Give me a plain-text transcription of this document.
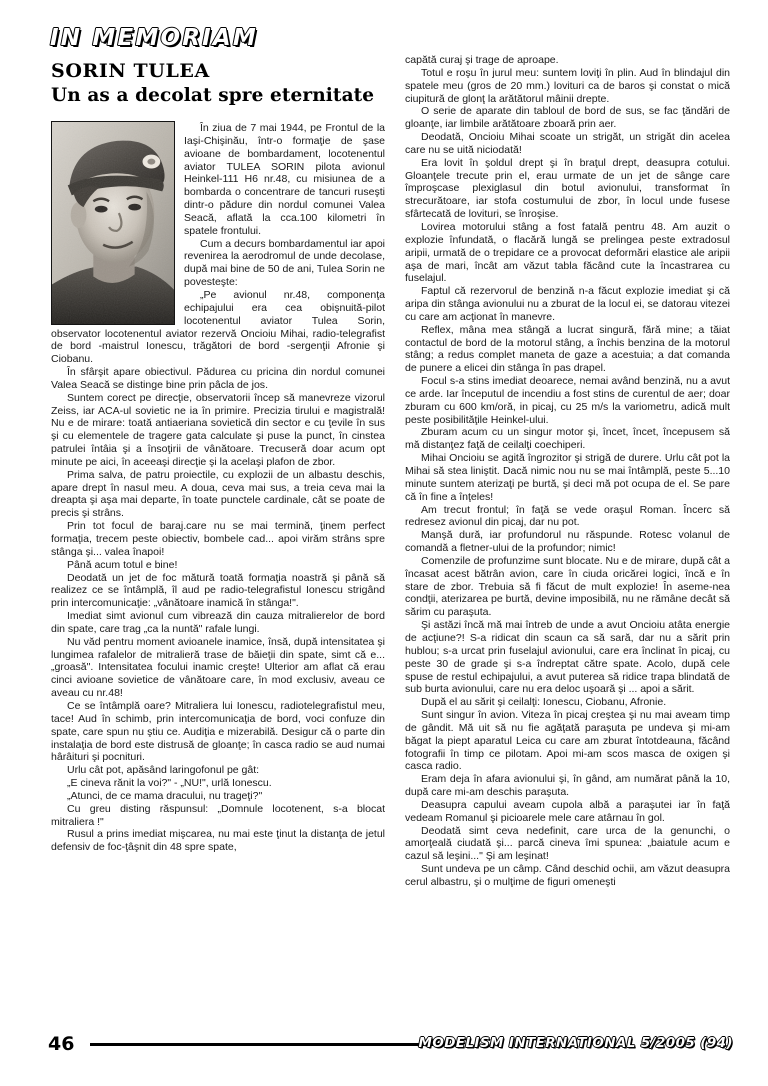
IN MEMORIAM
SORIN TULEA
Un as a decolat spre eternitate

În ziua de 7 mai 1944, pe Frontul de la Iaşi-Chişinău, într-o formaţie de şase avioane de bombardament, locotenentul aviator TULEA SORIN pilota avionul Heinkel-111 H6 nr.48, cu misiunea de a bombarda o concentrare de tancuri ruseşti dintr-o pădure din nordul comunei Valea Seacă, aflată la cca.100 kilometri în spatele frontului.

Cum a decurs bombardamentul iar apoi revenirea la aerodromul de unde decolase, după mai bine de 50 de ani, Tulea Sorin ne povesteşte:

„Pe avionul nr.48, componenţa echipajului era cea obişnuită-pilot locotenentul aviator Tulea Sorin, observator locotenentul aviator rezervă Oncioiu Mihai, radio-telegrafist de bord -maistrul Ionescu, trăgători de bord -sergenţii Afronie şi Ciobanu.

În sfârşit apare obiectivul. Pădurea cu pricina din nordul comunei Valea Seacă se distinge bine prin pâcla de jos.

Suntem corect pe direcţie, observatorii încep să manevreze vizorul Zeiss, iar ACA-ul sovietic ne ia în primire. Precizia tirului e magistrală! Nu e de mirare: toată antiaeriana sovietică din sector e cu ţevile în sus şi cu elementele de tragere gata calculate şi puse la punct, în cinstea patrulei întâia şi a însoţirii de vânătoare. Trecuseră doar acum opt minute pe aici, în aceeaşi direcţie şi la acelaşi plafon de zbor.

Prima salva, de patru proiectile, cu explozii de un albastu deschis, apare drept în nasul meu. A doua, ceva mai sus, a treia ceva mai la dreapta şi aşa mai departe, în toate punctele cardinale, cât se poate de precis şi strâns.

Prin tot focul de baraj.care nu se mai termină, ţinem perfect formaţia, trecem peste obiectiv, bombele cad... apoi virăm strâns spre stânga şi... valea înapoi!

Până acum totul e bine!

Deodată un jet de foc mătură toată formaţia noastră şi până să realizez ce se întâmplă, îl aud pe radio-telegrafistul Ionescu strigând prin intercomunicaţie: „vânătoare inamică în stânga!".

Imediat simt avionul cum vibrează din cauza mitralierelor de bord din spate, care trag „ca la nuntă" rafale lungi.

Nu văd pentru moment avioanele inamice, însă, după intensitatea şi lungimea rafalelor de mitralieră trase de băieţii din spate, simt că e... „groasă". Intensitatea focului inamic creşte! Ulterior am aflat că erau cinci avioane sovietice de vânătoare care, în mod exclusiv, aveau ce aveau cu nr.48!

Ce se întâmplă oare? Mitraliera lui Ionescu, radiotelegrafistul meu, tace! Aud în schimb, prin intercomunicaţia de bord, voci confuze din spate, care spun nu ştiu ce. Audiţia e mizerabilă. Desigur că o parte din instalaţia de bord este distrusă de gloanţe; în casca radio se aud numai hârâituri şi pocnituri.

Urlu cât pot, apăsând laringofonul pe gât:

„E cineva rănit la voi?" - „NU!", urlă Ionescu.

„Atunci, de ce mama dracului, nu trageţi?"

Cu greu disting răspunsul: „Domnule locotenent, s-a blocat mitraliera !"

Rusul a prins imediat mişcarea, nu mai este ţinut la distanţa de jetul defensiv de foc-ţâşnit din 48 spre spate,

capătă curaj şi trage de aproape.

Totul e roşu în jurul meu: suntem loviţi în plin. Aud în blindajul din spatele meu (gros de 20 mm.) lovituri ca de baros şi constat o mică ciupitură de glonţ la arătătorul mâinii drepte.

O serie de aparate din tabloul de bord de sus, se fac ţăndări de gloanţe, iar limbile arătătoare zboară prin aer.

Deodată, Oncioiu Mihai scoate un strigăt, un strigăt din acelea care nu se uită niciodată!

Era lovit în şoldul drept şi în braţul drept, deasupra cotului. Gloanţele trecute prin el, erau urmate de un jet de sânge care împroşcase plexiglasul din botul avionului, transformat în strecurătoare, iar stofa costumului de zbor, în locul unde fusese sfârtecată de lovituri, se înroşise.

Lovirea motorului stâng a fost fatală pentru 48. Am auzit o explozie înfundată, o flacără lungă se prelingea peste extradosul aripii, urmată de o trepidare ce a provocat deformări elastice ale aripii aşa de mari, încât am văzut tabla făcând cute la încastrarea cu fuselajul.

Faptul că rezervorul de benzină n-a făcut explozie imediat şi că aripa din stânga avionului nu a zburat de la locul ei, se datorau vitezei cu care am acţionat în manevre.

Reflex, mâna mea stângă a lucrat singură, fără mine; a tăiat contactul de bord de la motorul stâng, a închis benzina de la motorul stâng; a redus complet maneta de gaze a acestuia; a dat comanda de punere a elicei din stânga în pas drapel.

Focul s-a stins imediat deoarece, nemai având benzină, nu a avut ce arde. Iar începutul de incendiu a fost stins de curentul de aer; doar zburam cu 600 km/oră, in picaj, cu 25 m/s la variometru, adică mult peste posibilităţile Heinkel-ului.

Zburam acum cu un singur motor şi, încet, încet, începusem să mă distanţez faţă de ceilalţi coechiperi.

Mihai Oncioiu se agită îngrozitor şi strigă de durere. Urlu cât pot la Mihai să stea liniştit. Dacă nimic nou nu se mai întâmplă, peste 5...10 minute suntem aterizaţi pe burtă, şi deci mă pot ocupa de el. Se pare că în fine a înţeles!

Am trecut frontul; în faţă se vede oraşul Roman. Încerc să redresez avionul din picaj, dar nu pot.

Manşă dură, iar profundorul nu răspunde. Rotesc volanul de comandă a fletner-ului de la profundor; nimic!

Comenzile de profunzime sunt blocate. Nu e de mirare, după cât a încasat acest bătrân avion, care în ciuda oricărei logici, încă e în stare de zbor. Trebuia să fi făcut de mult explozie! În aseme-nea condţii, aterizarea pe burtă, devine imposibilă, nu ne rămâne decât să sărim cu paraşuta.

Şi astăzi încă mă mai întreb de unde a avut Oncioiu atâta energie de acţiune?! S-a ridicat din scaun ca să sară, dar nu a sărit prin hublou; s-a urcat prin fuselajul avionului, care era înclinat în picaj, cu peste 30 de grade şi s-a îndreptat către spate. Acolo, după cele spuse de restul echipajului, a avut puterea să ridice trapa blindată de sub burta avionului, care nu era deloc uşoară şi ... apoi a sărit.

După el au sărit şi ceilalţi: Ionescu, Ciobanu, Afronie.

Sunt singur în avion. Viteza în picaj creştea şi nu mai aveam timp de gândit. Mă uit să nu fie agăţată paraşuta pe undeva şi mi-am băgat la piept aparatul Leica cu care am zburat întotdeauna, făcând fotografii în timp ce pilotam. Apoi mi-am scos masca de oxigen şi casca radio.

Eram deja în afara avionului şi, în gând, am numărat până la 10, după care mi-am deschis paraşuta.

Deasupra capului aveam cupola albă a paraşutei iar în faţă vedeam Romanul şi picioarele mele care atârnau în gol.

Deodată simt ceva nedefinit, care urca de la genunchi, o amorţeală ciudată şi... parcă cineva îmi spunea: „baiatule acum e cazul să leşini..." Şi am leşinat!

Sunt undeva pe un câmp. Când deschid ochii, am văzut deasupra cerul albastru, şi o mulţime de figuri omeneşti

46	MODELISM INTERNATIONAL 5/2005 (94)
